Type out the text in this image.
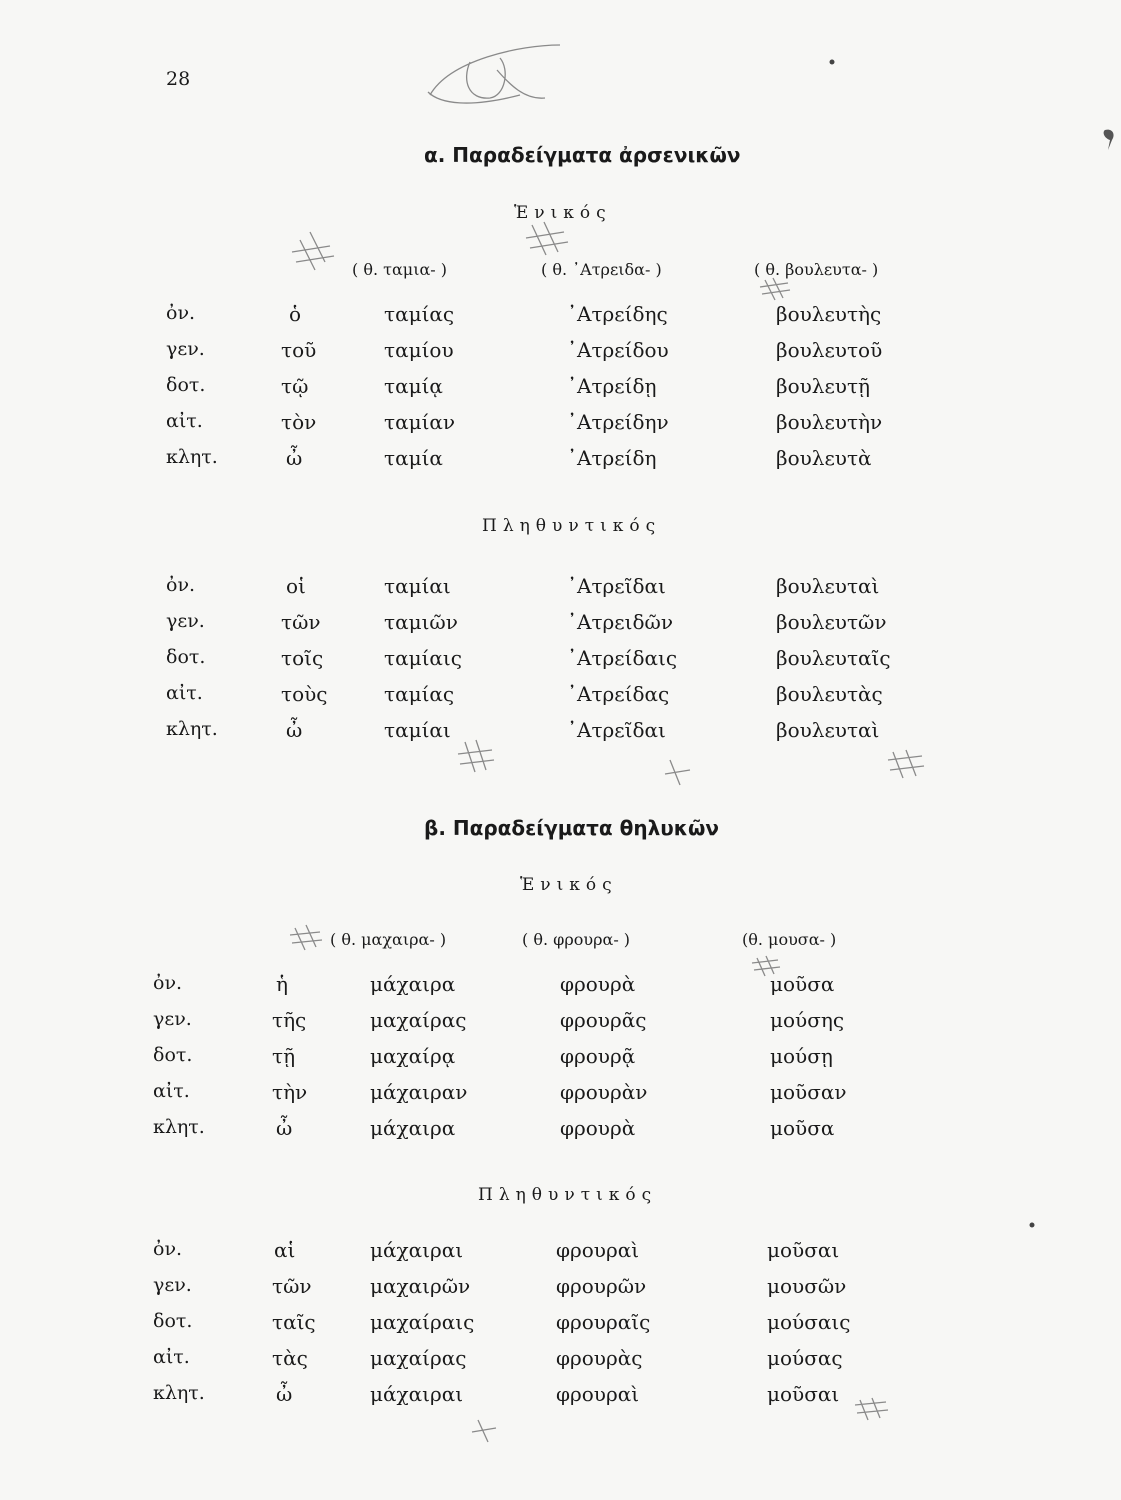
28
α. Παραδείγματα ἀρσενικῶν
Ἑνικός
( θ. ταμια- )	( θ. ᾿Ατρειδα- )	( θ. βουλευτα- )
ὀν.	ὁ	ταμίας	᾿Ατρείδης	βουλευτὴς
γεν.	τοῦ	ταμίου	᾿Ατρείδου	βουλευτοῦ
δοτ.	τῷ	ταμίᾳ	᾿Ατρείδῃ	βουλευτῇ
αἰτ.	τὸν	ταμίαν	᾿Ατρείδην	βουλευτὴν
κλητ.	ὦ	ταμία	᾿Ατρείδη	βουλευτὰ
Πληθυντικός
ὀν.	οἱ	ταμίαι	᾿Ατρεῖδαι	βουλευταὶ
γεν.	τῶν	ταμιῶν	᾿Ατρειδῶν	βουλευτῶν
δοτ.	τοῖς	ταμίαις	᾿Ατρείδαις	βουλευταῖς
αἰτ.	τοὺς	ταμίας	᾿Ατρείδας	βουλευτὰς
κλητ.	ὦ	ταμίαι	᾿Ατρεῖδαι	βουλευταὶ
β. Παραδείγματα θηλυκῶν
Ἑνικός
( θ. μαχαιρα- )	( θ. φρουρα- )	(θ. μουσα- )
ὀν.	ἡ	μάχαιρα	φρουρὰ	μοῦσα
γεν.	τῆς	μαχαίρας	φρουρᾶς	μούσης
δοτ.	τῇ	μαχαίρᾳ	φρουρᾷ	μούσῃ
αἰτ.	τὴν	μάχαιραν	φρουρὰν	μοῦσαν
κλητ.	ὦ	μάχαιρα	φρουρὰ	μοῦσα
Πληθυντικός
ὀν.	αἱ	μάχαιραι	φρουραὶ	μοῦσαι
γεν.	τῶν	μαχαιρῶν	φρουρῶν	μουσῶν
δοτ.	ταῖς	μαχαίραις	φρουραῖς	μούσαις
αἰτ.	τὰς	μαχαίρας	φρουρὰς	μούσας
κλητ.	ὦ	μάχαιραι	φρουραὶ	μοῦσαι
